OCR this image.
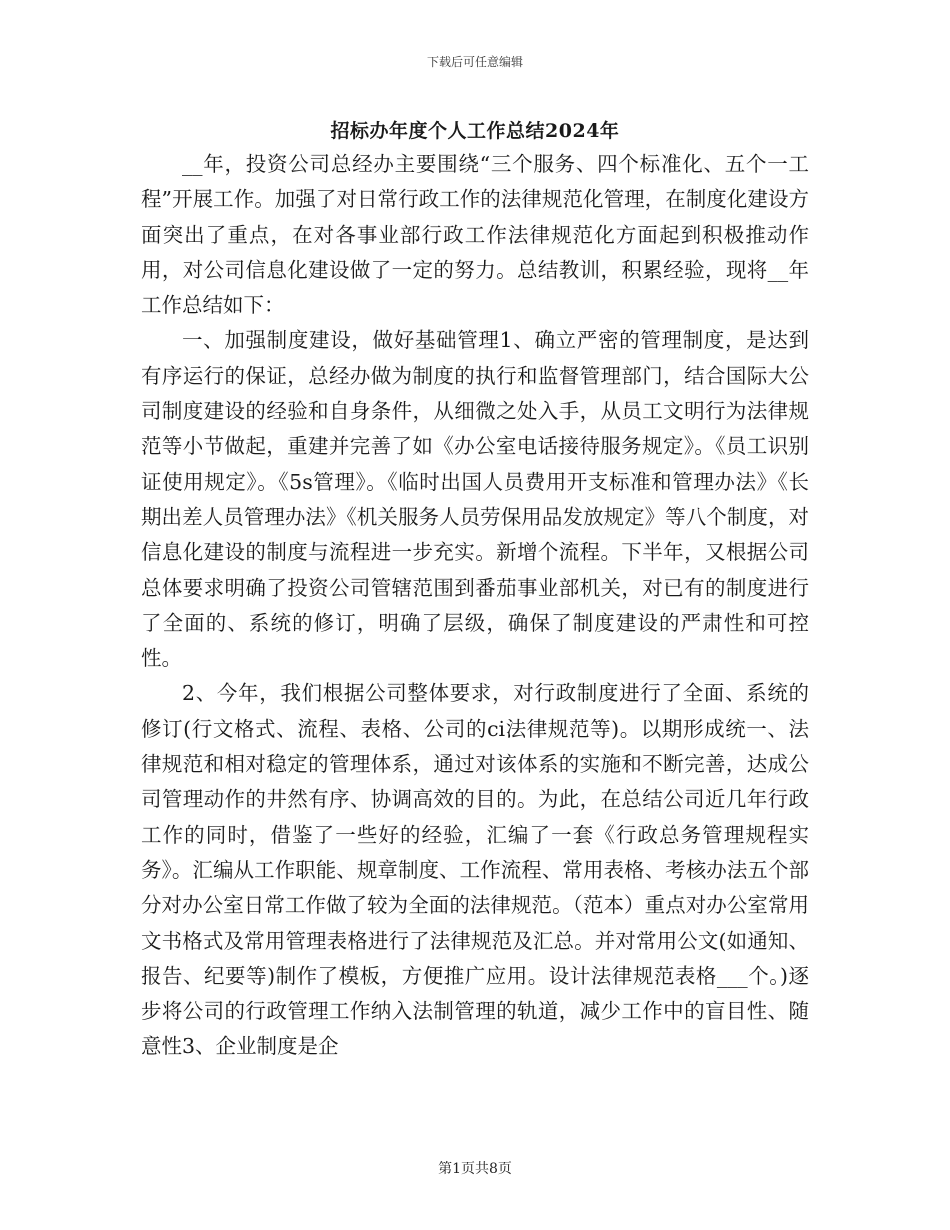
下载后可任意编辑
招标办年度个人工作总结2024年

__年，投资公司总经办主要围绕“三个服务、四个标准化、五个一工程”开展工作。加强了对日常行政工作的法律规范化管理，在制度化建设方面突出了重点，在对各事业部行政工作法律规范化方面起到积极推动作用，对公司信息化建设做了一定的努力。总结教训，积累经验，现将__年工作总结如下：

一、加强制度建设，做好基础管理1、确立严密的管理制度，是达到有序运行的保证，总经办做为制度的执行和监督管理部门，结合国际大公司制度建设的经验和自身条件，从细微之处入手，从员工文明行为法律规范等小节做起，重建并完善了如《办公室电话接待服务规定》。《员工识别证使用规定》。《5s管理》。《临时出国人员费用开支标准和管理办法》《长期出差人员管理办法》《机关服务人员劳保用品发放规定》等八个制度，对信息化建设的制度与流程进一步充实。新增个流程。下半年，又根据公司总体要求明确了投资公司管辖范围到番茄事业部机关，对已有的制度进行了全面的、系统的修订，明确了层级，确保了制度建设的严肃性和可控性。

2、今年，我们根据公司整体要求，对行政制度进行了全面、系统的修订(行文格式、流程、表格、公司的ci法律规范等)。以期形成统一、法律规范和相对稳定的管理体系，通过对该体系的实施和不断完善，达成公司管理动作的井然有序、协调高效的目的。为此，在总结公司近几年行政工作的同时，借鉴了一些好的经验，汇编了一套《行政总务管理规程实务》。汇编从工作职能、规章制度、工作流程、常用表格、考核办法五个部分对办公室日常工作做了较为全面的法律规范。（范本）重点对办公室常用文书格式及常用管理表格进行了法律规范及汇总。并对常用公文(如通知、报告、纪要等)制作了模板，方便推广应用。设计法律规范表格___个。)逐步将公司的行政管理工作纳入法制管理的轨道，减少工作中的盲目性、随意性3、企业制度是企

第1页共8页
